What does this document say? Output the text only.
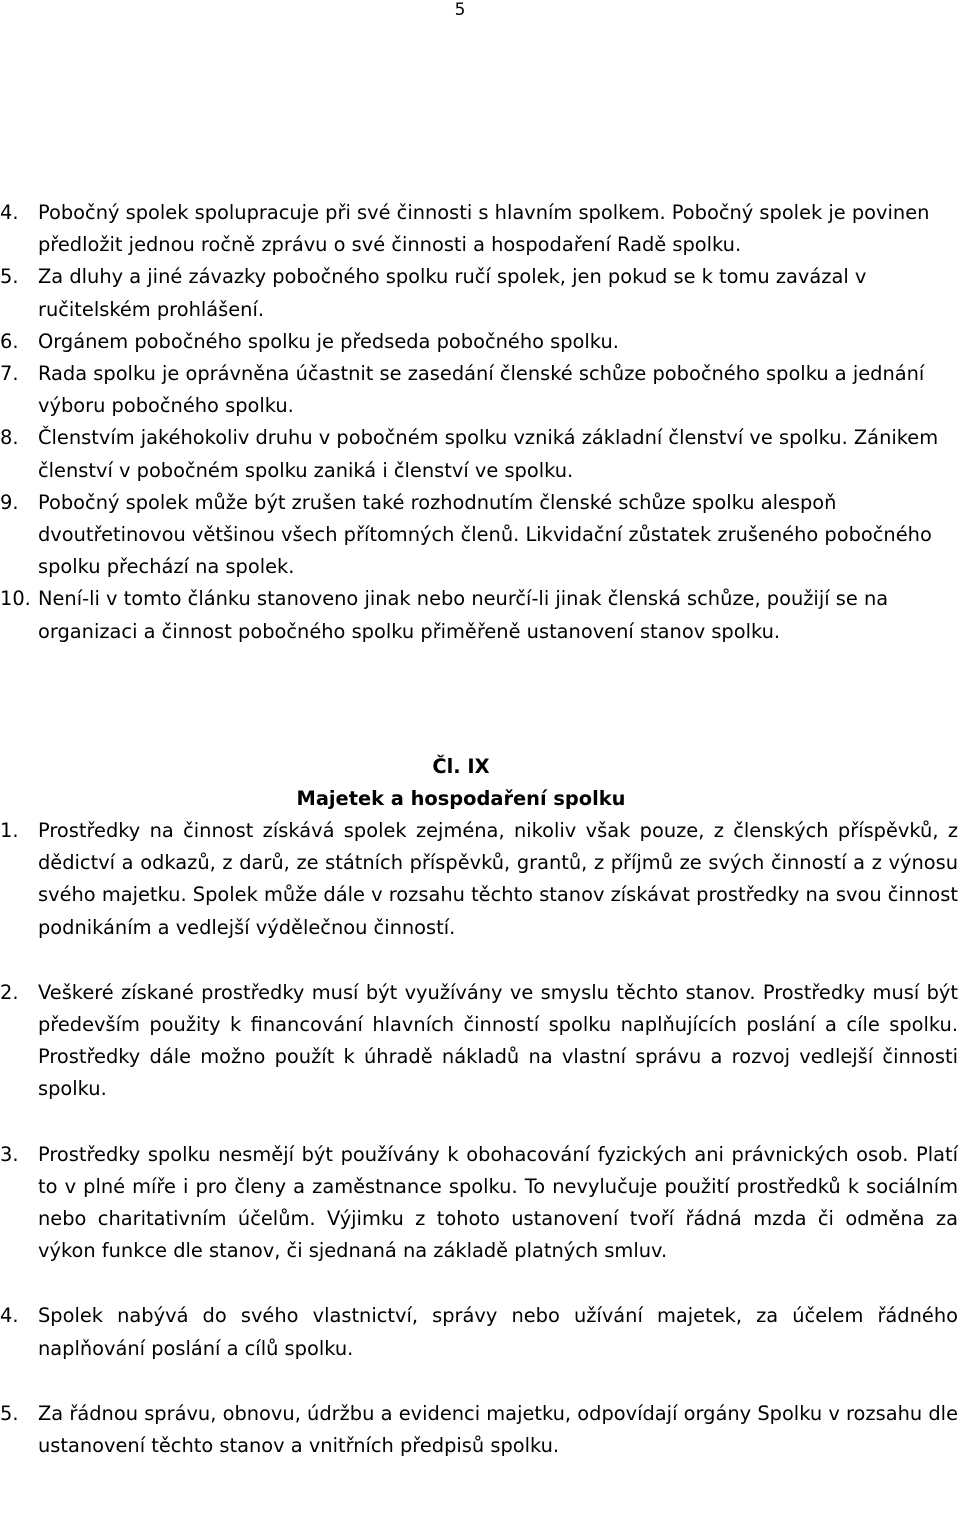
5
4. Pobočný spolek spolupracuje při své činnosti s hlavním spolkem. Pobočný spolek je povinen předložit jednou ročně zprávu o své činnosti a hospodaření Radě spolku.
5. Za dluhy a jiné závazky pobočného spolku ručí spolek, jen pokud se k tomu zavázal v ručitelském prohlášení.
6. Orgánem pobočného spolku je předseda pobočného spolku.
7. Rada spolku je oprávněna účastnit se zasedání členské schůze pobočného spolku a jednání výboru pobočného spolku.
8. Členstvím jakéhokoliv druhu v pobočném spolku vzniká základní členství ve spolku. Zánikem členství v pobočném spolku zaniká i členství ve spolku.
9. Pobočný spolek může být zrušen také rozhodnutím členské schůze spolku alespoň dvoutřetinovou většinou všech přítomných členů. Likvidační zůstatek zrušeného pobočného spolku přechází na spolek.
10. Není-li v tomto článku stanoveno jinak nebo neurčí-li jinak členská schůze, použijí se na organizaci a činnost pobočného spolku přiměřeně ustanovení stanov spolku.
Čl. IX
Majetek a hospodaření spolku
1. Prostředky na činnost získává spolek zejména, nikoliv však pouze, z členských příspěvků, z dědictví a odkazů, z darů, ze státních příspěvků, grantů, z příjmů ze svých činností a z výnosu svého majetku. Spolek může dále v rozsahu těchto stanov získávat prostředky na svou činnost podnikáním a vedlejší výdělečnou činností.
2. Veškeré získané prostředky musí být využívány ve smyslu těchto stanov. Prostředky musí být především použity k financování hlavních činností spolku naplňujících poslání a cíle spolku. Prostředky dále možno použít k úhradě nákladů na vlastní správu a rozvoj vedlejší činnosti spolku.
3. Prostředky spolku nesmějí být používány k obohacování fyzických ani právnických osob. Platí to v plné míře i pro členy a zaměstnance spolku. To nevylučuje použití prostředků k sociálním nebo charitativním účelům. Výjimku z tohoto ustanovení tvoří řádná mzda či odměna za výkon funkce dle stanov, či sjednaná na základě platných smluv.
4. Spolek nabývá do svého vlastnictví, správy nebo užívání majetek, za účelem řádného naplňování poslání a cílů spolku.
5. Za řádnou správu, obnovu, údržbu a evidenci majetku, odpovídají orgány Spolku v rozsahu dle ustanovení těchto stanov a vnitřních předpisů spolku.
